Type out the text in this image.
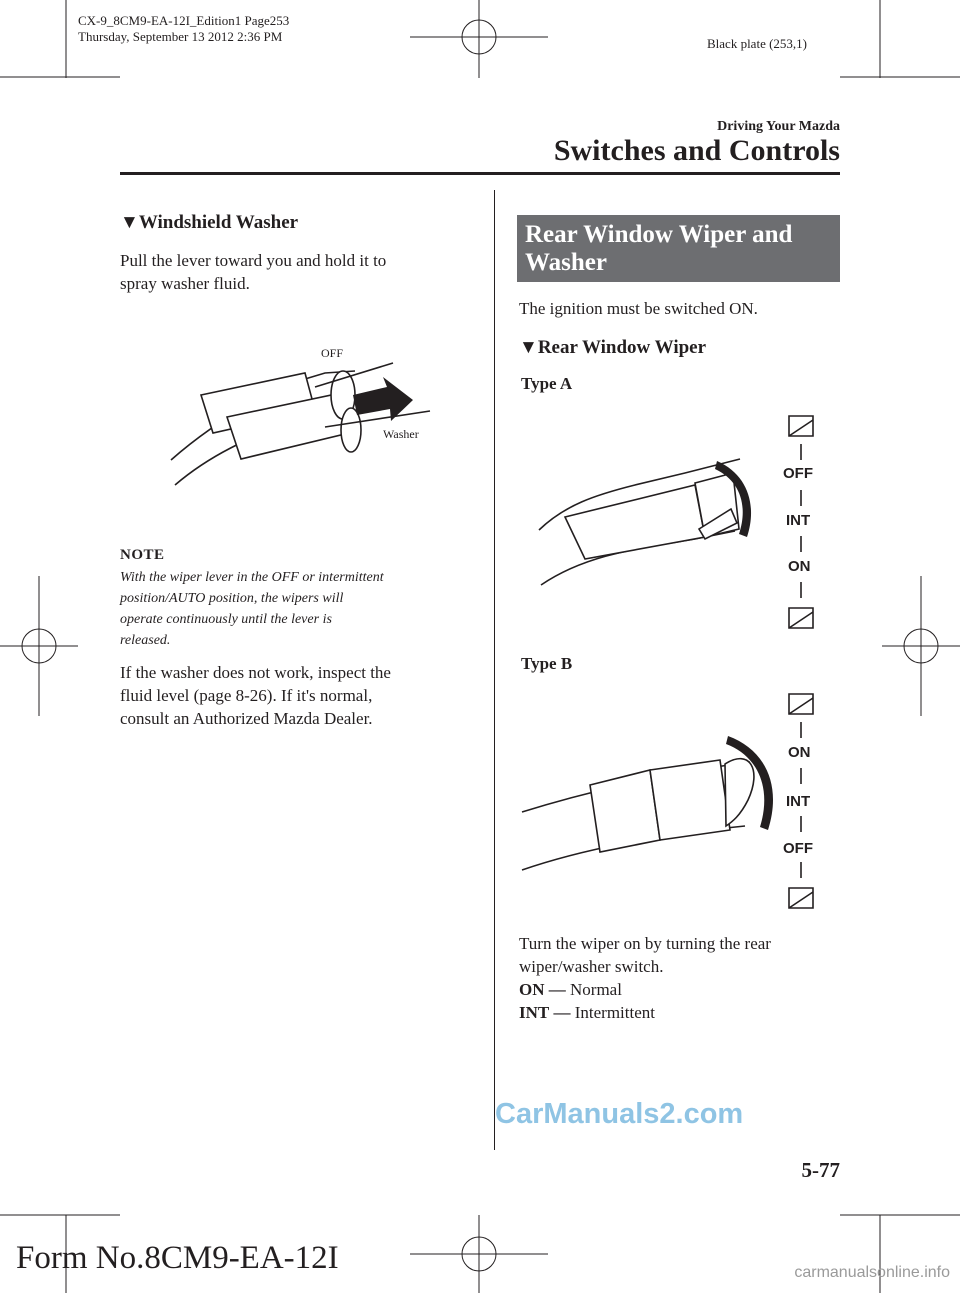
CX-9_8CM9-EA-12I_Edition1 Page253
Thursday, September 13 2012 2:36 PM	Black plate (253,1)
Driving Your Mazda
Switches and Controls
▼Windshield Washer
Pull the lever toward you and hold it to
spray washer fluid.
OFF
Washer
NOTE
With the wiper lever in the OFF or intermittent
position/AUTO position, the wipers will
operate continuously until the lever is
released.
If the washer does not work, inspect the
fluid level (page 8-26). If it's normal,
consult an Authorized Mazda Dealer.
Rear Window Wiper and
Washer
The ignition must be switched ON.
▼Rear Window Wiper
Type A
OFF
INT
ON
Type B
ON
INT
OFF
Turn the wiper on by turning the rear
wiper/washer switch.
ON — Normal
INT — Intermittent
CarManuals2.com
5-77
Form No.8CM9-EA-12I	carmanualsonline.info
